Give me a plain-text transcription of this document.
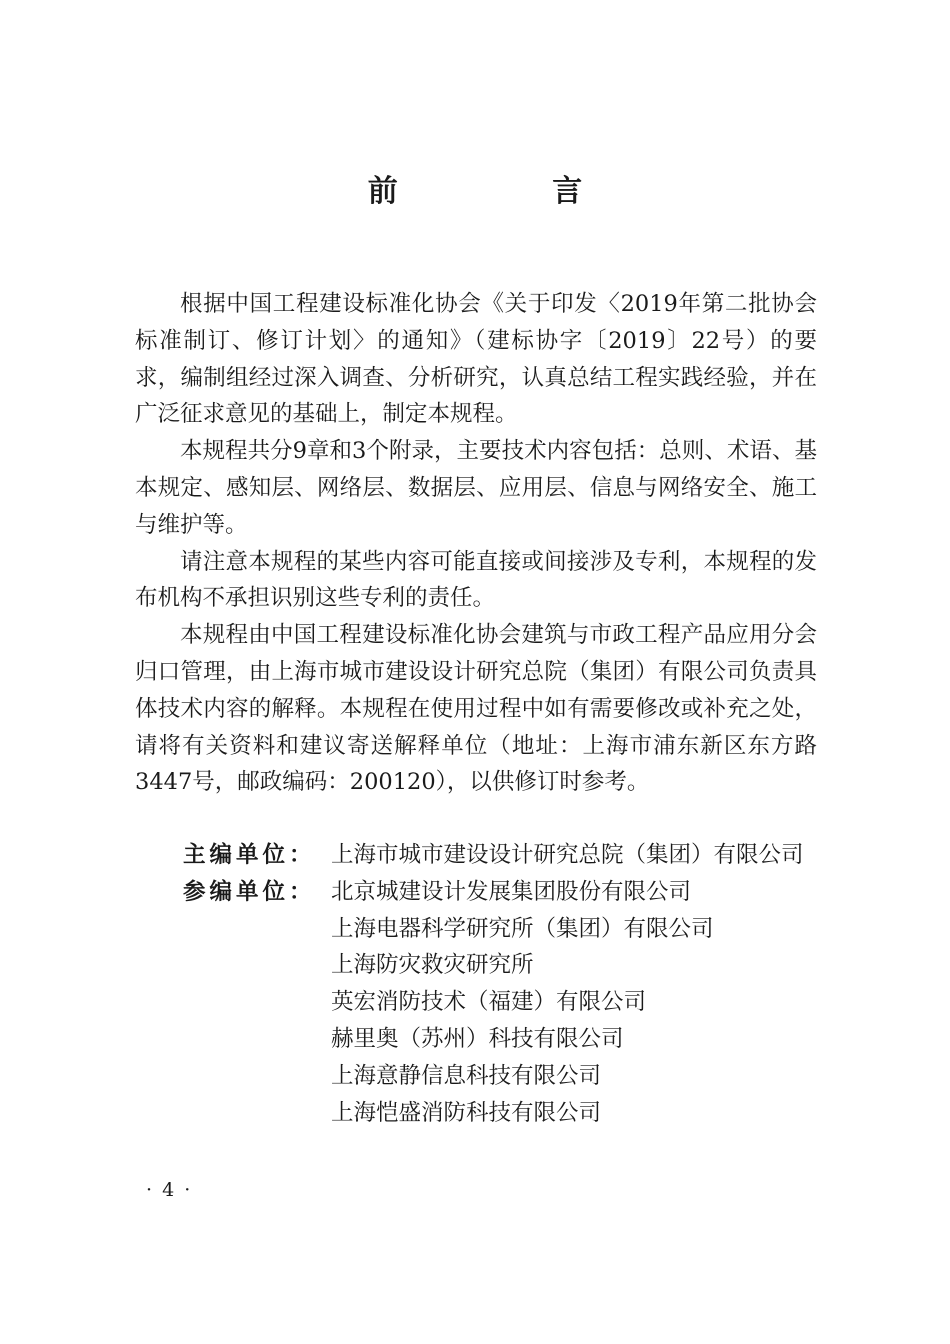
前 言

根据中国工程建设标准化协会《关于印发〈2019年第二批协会标准制订、修订计划〉的通知》（建标协字〔2019〕22号）的要求，编制组经过深入调查、分析研究，认真总结工程实践经验，并在广泛征求意见的基础上，制定本规程。

本规程共分9章和3个附录，主要技术内容包括：总则、术语、基本规定、感知层、网络层、数据层、应用层、信息与网络安全、施工与维护等。

请注意本规程的某些内容可能直接或间接涉及专利，本规程的发布机构不承担识别这些专利的责任。

本规程由中国工程建设标准化协会建筑与市政工程产品应用分会归口管理，由上海市城市建设设计研究总院（集团）有限公司负责具体技术内容的解释。本规程在使用过程中如有需要修改或补充之处，请将有关资料和建议寄送解释单位（地址：上海市浦东新区东方路3447号，邮政编码：200120），以供修订时参考。

主编单位： 上海市城市建设设计研究总院（集团）有限公司
参编单位： 北京城建设计发展集团股份有限公司
上海电器科学研究所（集团）有限公司
上海防灾救灾研究所
英宏消防技术（福建）有限公司
赫里奥（苏州）科技有限公司
上海意静信息科技有限公司
上海恺盛消防科技有限公司
· 4 ·
